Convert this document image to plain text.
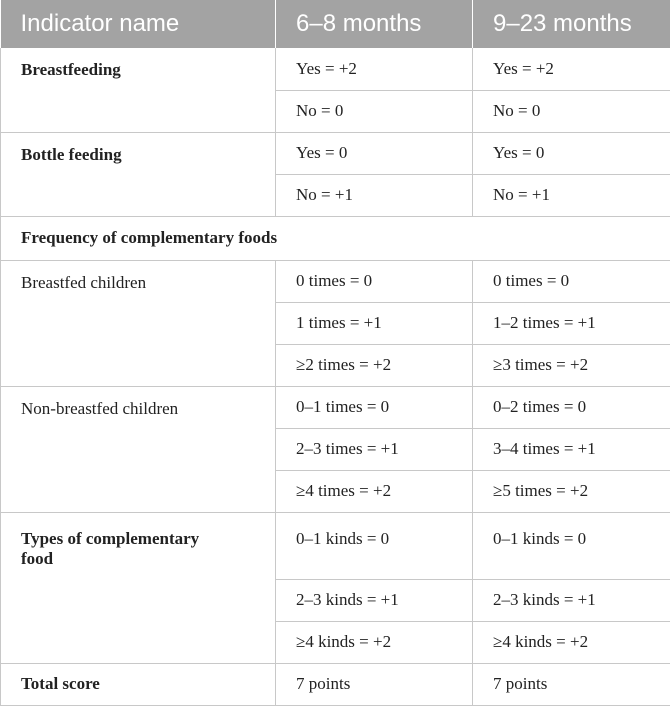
Indicator name	6–8 months	9–23 months
Breastfeeding	Yes = +2	Yes = +2
	No = 0	No = 0
Bottle feeding	Yes = 0	Yes = 0
	No = +1	No = +1
Frequency of complementary foods		
Breastfed children	0 times = 0	0 times = 0
	1 times = +1	1–2 times = +1
	≥2 times = +2	≥3 times = +2
Non-breastfed children	0–1 times = 0	0–2 times = 0
	2–3 times = +1	3–4 times = +1
	≥4 times = +2	≥5 times = +2
Types of complementary food	0–1 kinds = 0	0–1 kinds = 0
	2–3 kinds = +1	2–3 kinds = +1
	≥4 kinds = +2	≥4 kinds = +2
Total score	7 points	7 points
